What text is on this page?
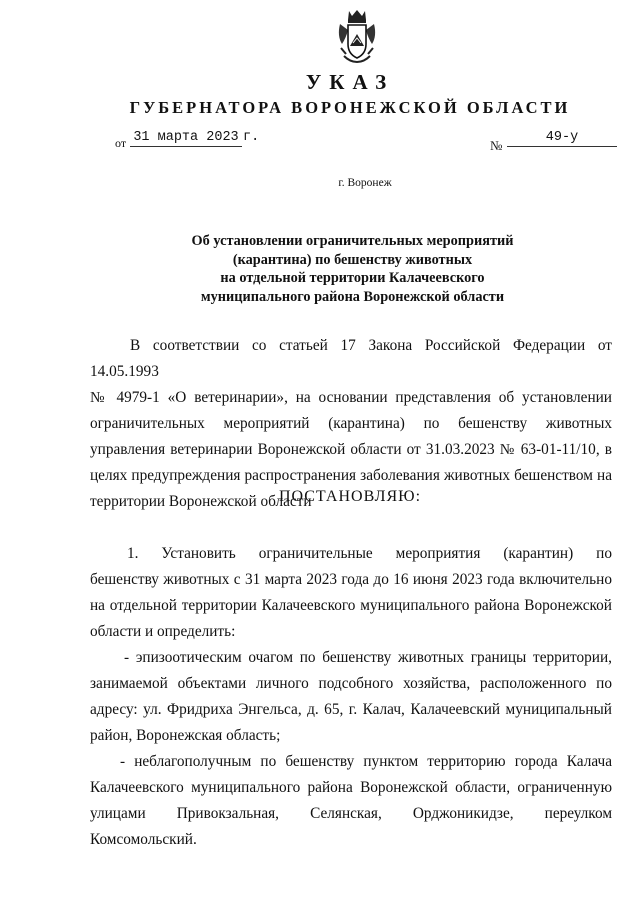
УКАЗ
ГУБЕРНАТОРА ВОРОНЕЖСКОЙ ОБЛАСТИ
от 31 марта 2023 г.
№
49-у
г. Воронеж
Об установлении ограничительных мероприятий
(карантина) по бешенству животных
на отдельной территории Калачеевского
муниципального района Воронежской области
В соответствии со статьей 17 Закона Российской Федерации от 14.05.1993
№ 4979-1 «О ветеринарии», на основании представления об установлении
ограничительных мероприятий (карантина) по бешенству животных
управления ветеринарии Воронежской области от 31.03.2023 № 63-01-11/10, в
целях предупреждения распространения заболевания животных бешенством на
территории Воронежской области
ПОСТАНОВЛЯЮ:
1. Установить ограничительные мероприятия (карантин) по
бешенству животных с 31 марта 2023 года до 16 июня 2023 года включительно
на отдельной территории Калачеевского муниципального района Воронежской
области и определить:
- эпизоотическим очагом по бешенству животных границы территории,
занимаемой объектами личного подсобного хозяйства, расположенного по
адресу: ул. Фридриха Энгельса, д. 65, г. Калач, Калачеевский муниципальный
район, Воронежская область;
- неблагополучным по бешенству пунктом территорию города Калача
Калачеевского муниципального района Воронежской области, ограниченную
улицами Привокзальная, Селянская, Орджоникидзе, переулком
Комсомольский.
